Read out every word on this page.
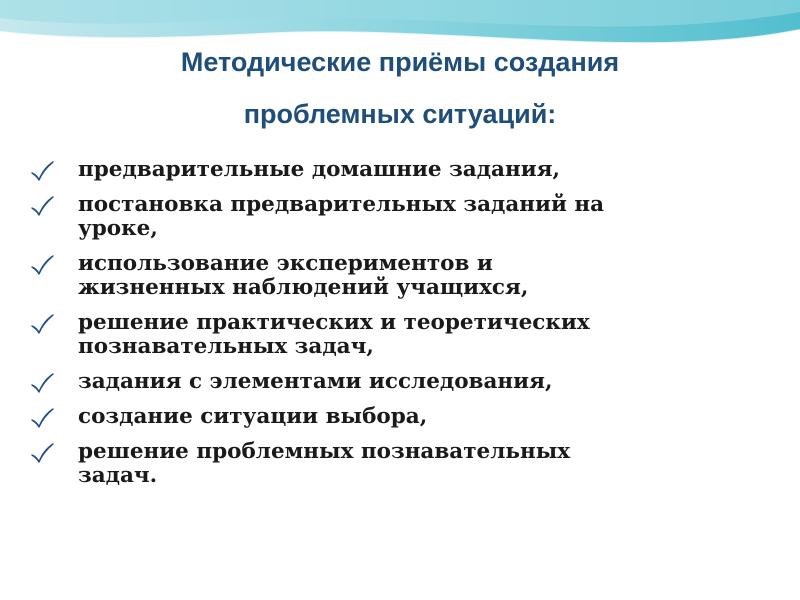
Методические приёмы создания
проблемных ситуаций:
предварительные домашние задания,
постановка предварительных заданий на
уроке,
использование экспериментов и
жизненных наблюдений учащихся,
решение практических и теоретических
познавательных задач,
задания с элементами исследования,
создание ситуации выбора,
решение проблемных познавательных
задач.
